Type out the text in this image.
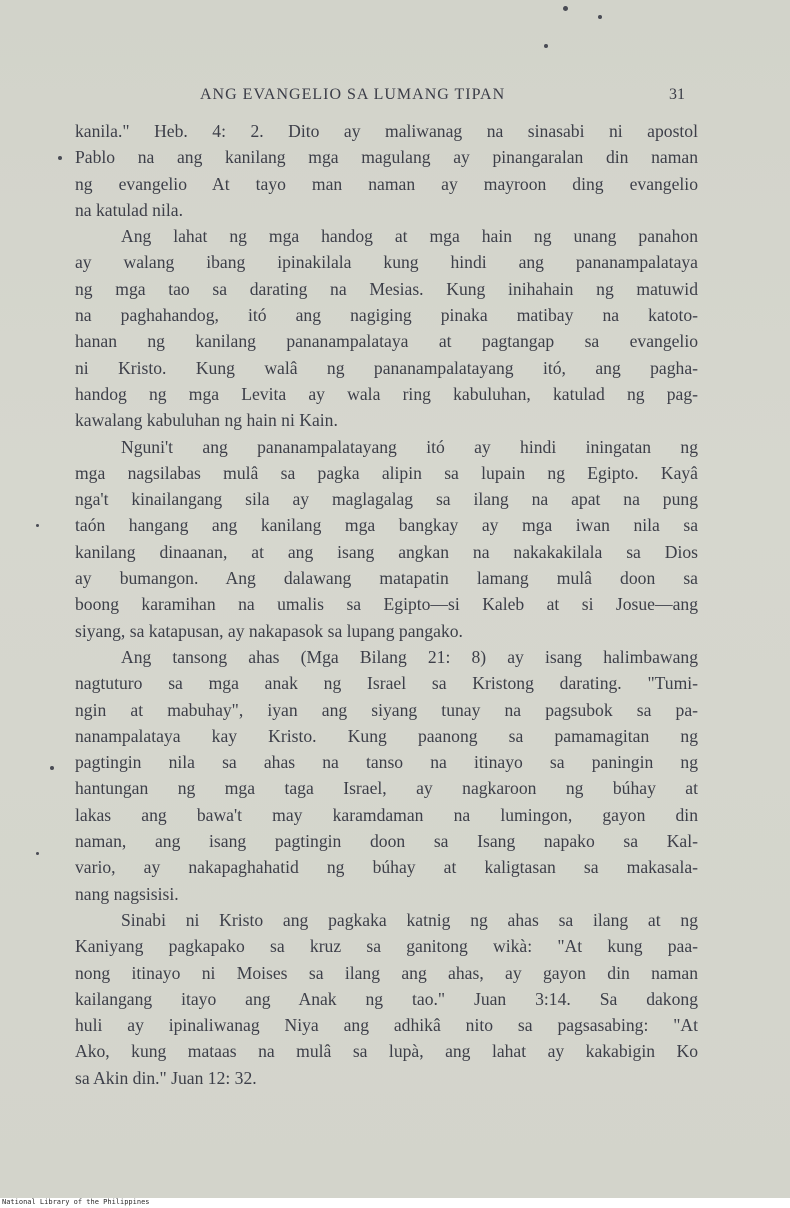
ANG EVANGELIO SA LUMANG TIPAN	31
kanila." Heb. 4: 2. Dito ay maliwanag na sinasabi ni apostol
Pablo na ang kanilang mga magulang ay pinangaralan din naman
ng evangelio At tayo man naman ay mayroon ding evangelio
na katulad nila.
Ang lahat ng mga handog at mga hain ng unang panahon
ay walang ibang ipinakilala kung hindi ang pananampalataya
ng mga tao sa darating na Mesias. Kung inihahain ng matuwid
na paghahandog, itó ang nagiging pinaka matibay na katoto-
hanan ng kanilang pananampalataya at pagtangap sa evangelio
ni Kristo. Kung walâ ng pananampalatayang itó, ang pagha-
handog ng mga Levita ay wala ring kabuluhan, katulad ng pag-
kawalang kabuluhan ng hain ni Kain.
Nguni't ang pananampalatayang itó ay hindi iningatan ng
mga nagsilabas mulâ sa pagka alipin sa lupain ng Egipto. Kayâ
nga't kinailangang sila ay maglagalag sa ilang na apat na pung
taón hangang ang kanilang mga bangkay ay mga iwan nila sa
kanilang dinaanan, at ang isang angkan na nakakakilala sa Dios
ay bumangon. Ang dalawang matapatin lamang mulâ doon sa
boong karamihan na umalis sa Egipto—si Kaleb at si Josue—ang
siyang, sa katapusan, ay nakapasok sa lupang pangako.
Ang tansong ahas (Mga Bilang 21: 8) ay isang halimbawang
nagtuturo sa mga anak ng Israel sa Kristong darating. "Tumi-
ngin at mabuhay", iyan ang siyang tunay na pagsubok sa pa-
nanampalataya kay Kristo. Kung paanong sa pamamagitan ng
pagtingin nila sa ahas na tanso na itinayo sa paningin ng
hantungan ng mga taga Israel, ay nagkaroon ng búhay at
lakas ang bawa't may karamdaman na lumingon, gayon din
naman, ang isang pagtingin doon sa Isang napako sa Kal-
vario, ay nakapaghahatid ng búhay at kaligtasan sa makasala-
nang nagsisisi.
Sinabi ni Kristo ang pagkaka katnig ng ahas sa ilang at ng
Kaniyang pagkapako sa kruz sa ganitong wikà: "At kung paa-
nong itinayo ni Moises sa ilang ang ahas, ay gayon din naman
kailangang itayo ang Anak ng tao." Juan 3:14. Sa dakong
huli ay ipinaliwanag Niya ang adhikâ nito sa pagsasabing: "At
Ako, kung mataas na mulâ sa lupà, ang lahat ay kakabigin Ko
sa Akin din." Juan 12: 32.
National Library of the Philippines
